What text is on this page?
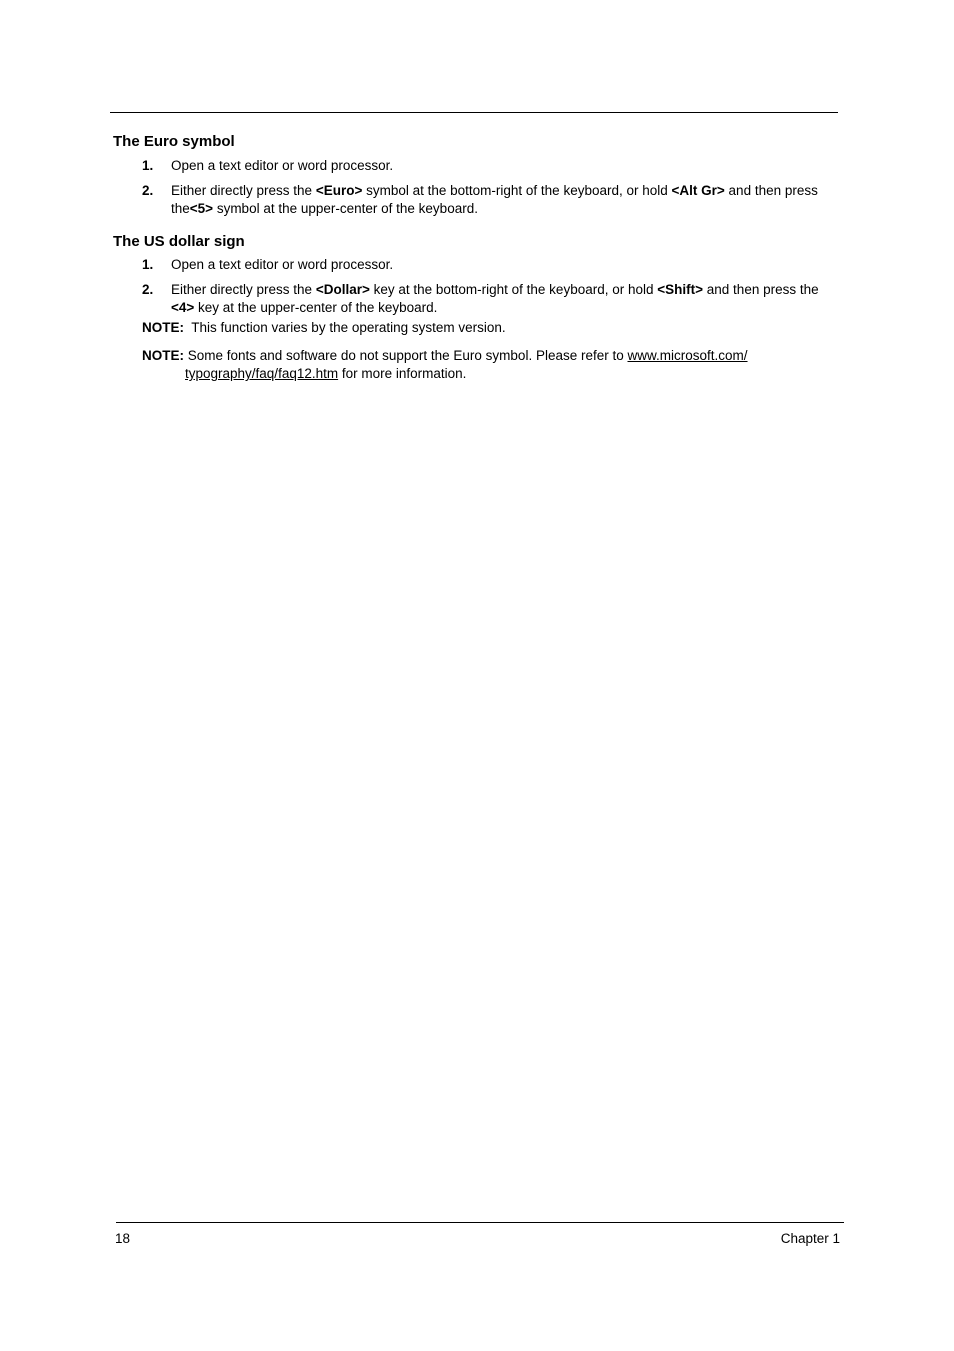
The Euro symbol
1. Open a text editor or word processor.
2. Either directly press the <Euro> symbol at the bottom-right of the keyboard, or hold <Alt Gr> and then press the<5> symbol at the upper-center of the keyboard.
The US dollar sign
1. Open a text editor or word processor.
2. Either directly press the <Dollar> key at the bottom-right of the keyboard, or hold <Shift> and then press the <4> key at the upper-center of the keyboard.
NOTE:  This function varies by the operating system version.
NOTE: Some fonts and software do not support the Euro symbol. Please refer to www.microsoft.com/ typography/faq/faq12.htm for more information.
18	Chapter 1
